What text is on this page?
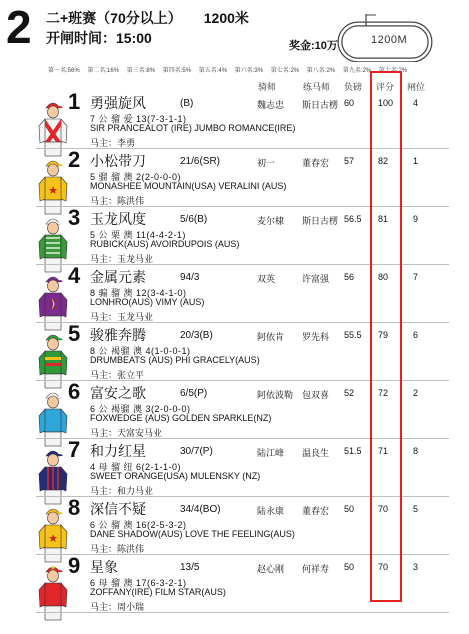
2 二+班赛（70分以上） 1200米
开闸时间：15:00	奖金:10万	1200M
第一名:56% 第二名:16% 第三名:8% 第四名:5% 第五名:4% 第六名:3% 第七名:2% 第八名:2% 第九名:2% 第十名:2%
骑师	练马师 负磅 评分 闸位
1 勇强旋风	(B)	魏志忠 斯日古楞 60	100 4
7 公 骝 爱 13(7-3-1-1)
SIR PRANCEALOT (IRE) JUMBO ROMANCE(IRE)
马主：李勇
★
2 小松带刀	21/6(SR)	初一	董春宏 57	82	1
5 骝 骝 澳 2(2-0-0-0)
MONASHEE MOUNTAIN(USA) VERALINI (AUS)
马主：陈洪伟
3 玉龙风度	5/6(B)	麦尔棣 斯日古楞 56.5 81	9
5 公 栗 澳 11(4-4-2-1)
RUBICK(AUS) AVOIRDUPOIS (AUS)
马主：玉龙马业
4 金属元素	94/3	双英	许富强 56	80	7
8 骟 骝 澳 12(3-4-1-0)
LONHRO(AUS) VIMY (AUS)
马主：玉龙马业
5 骏雅奔腾	20/3(B)	阿依肯 罗先科 55.5 79	6
8 公 褐骝 澳 4(1-0-0-1)
DRUMBEATS (AUS) PHI GRACELY(AUS)
马主：张立平
6 富安之歌	6/5(P)	阿依波勒 包双喜 52	72	2
6 公 褐骝 澳 3(2-0-0-0)
FOXWEDGE (AUS) GOLDEN SPARKLE(NZ)
马主：天富安马业
7 和力红星	30/7(P)	陆江峰 温良生 51.5 71	8
4 母 骝 纽 6(2-1-1-0)
SWEET ORANGE(USA) MULENSKY (NZ)
马主：和力马业
★
8 深信不疑	34/4(BO)	陆永康 董春宏 50	70	5
6 公 骝 澳 16(2-5-3-2)
DANE SHADOW(AUS) LOVE THE FEELING(AUS)
马主：陈洪伟
★ 9 星象	13/5	赵心刚 何祥寿 50	70	3
6 母 骝 澳 17(6-3-2-1)
ZOFFANY(IRE) FILM STAR(AUS)
马主：周小瑞
